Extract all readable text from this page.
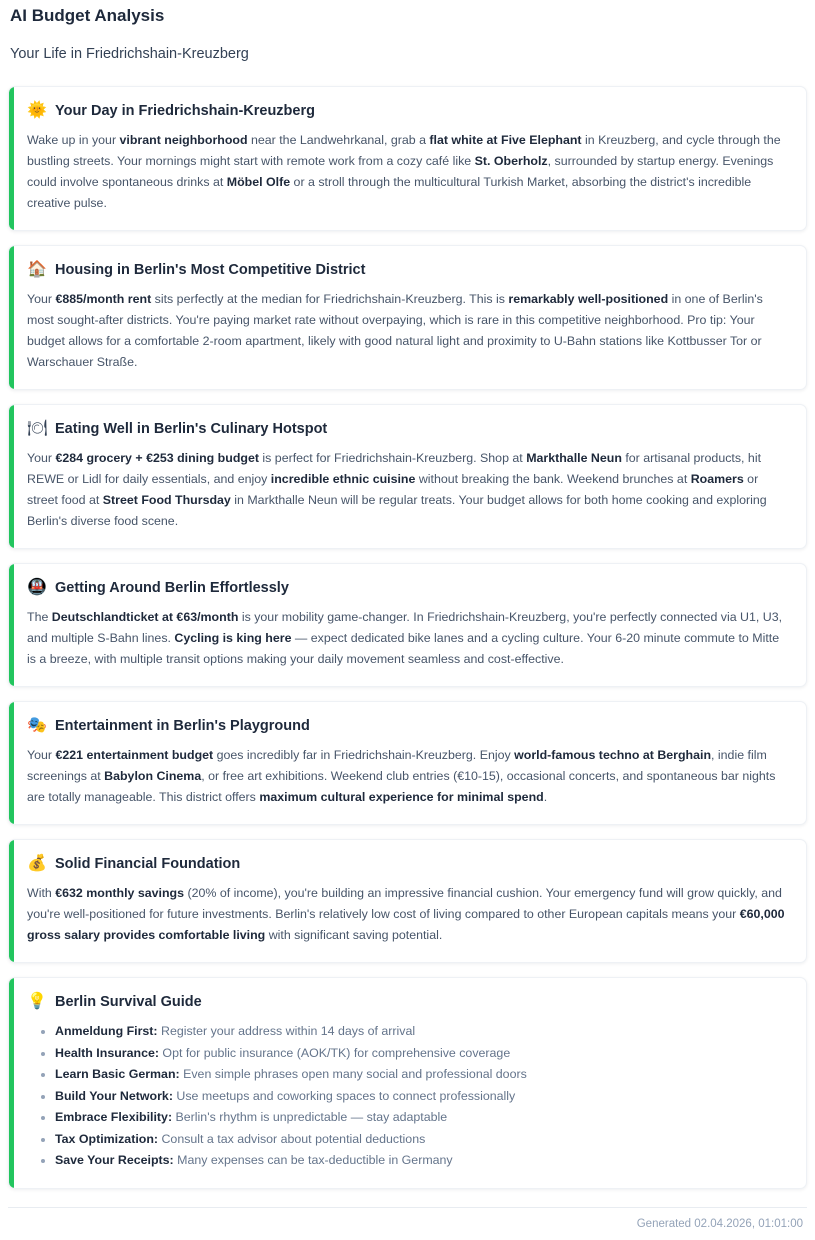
AI Budget Analysis
Your Life in Friedrichshain-Kreuzberg
🌞 Your Day in Friedrichshain-Kreuzberg
Wake up in your vibrant neighborhood near the Landwehrkanal, grab a flat white at Five Elephant in Kreuzberg, and cycle through the bustling streets. Your mornings might start with remote work from a cozy café like St. Oberholz, surrounded by startup energy. Evenings could involve spontaneous drinks at Möbel Olfe or a stroll through the multicultural Turkish Market, absorbing the district's incredible creative pulse.
🏠 Housing in Berlin's Most Competitive District
Your €885/month rent sits perfectly at the median for Friedrichshain-Kreuzberg. This is remarkably well-positioned in one of Berlin's most sought-after districts. You're paying market rate without overpaying, which is rare in this competitive neighborhood. Pro tip: Your budget allows for a comfortable 2-room apartment, likely with good natural light and proximity to U-Bahn stations like Kottbusser Tor or Warschauer Straße.
🍽 Eating Well in Berlin's Culinary Hotspot
Your €284 grocery + €253 dining budget is perfect for Friedrichshain-Kreuzberg. Shop at Markthalle Neun for artisanal products, hit REWE or Lidl for daily essentials, and enjoy incredible ethnic cuisine without breaking the bank. Weekend brunches at Roamers or street food at Street Food Thursday in Markthalle Neun will be regular treats. Your budget allows for both home cooking and exploring Berlin's diverse food scene.
🚇 Getting Around Berlin Effortlessly
The Deutschlandticket at €63/month is your mobility game-changer. In Friedrichshain-Kreuzberg, you're perfectly connected via U1, U3, and multiple S-Bahn lines. Cycling is king here — expect dedicated bike lanes and a cycling culture. Your 6-20 minute commute to Mitte is a breeze, with multiple transit options making your daily movement seamless and cost-effective.
🎭 Entertainment in Berlin's Playground
Your €221 entertainment budget goes incredibly far in Friedrichshain-Kreuzberg. Enjoy world-famous techno at Berghain, indie film screenings at Babylon Cinema, or free art exhibitions. Weekend club entries (€10-15), occasional concerts, and spontaneous bar nights are totally manageable. This district offers maximum cultural experience for minimal spend.
💰 Solid Financial Foundation
With €632 monthly savings (20% of income), you're building an impressive financial cushion. Your emergency fund will grow quickly, and you're well-positioned for future investments. Berlin's relatively low cost of living compared to other European capitals means your €60,000 gross salary provides comfortable living with significant saving potential.
💡 Berlin Survival Guide
Anmeldung First: Register your address within 14 days of arrival
Health Insurance: Opt for public insurance (AOK/TK) for comprehensive coverage
Learn Basic German: Even simple phrases open many social and professional doors
Build Your Network: Use meetups and coworking spaces to connect professionally
Embrace Flexibility: Berlin's rhythm is unpredictable — stay adaptable
Tax Optimization: Consult a tax advisor about potential deductions
Save Your Receipts: Many expenses can be tax-deductible in Germany
Generated 02.04.2026, 01:01:00
